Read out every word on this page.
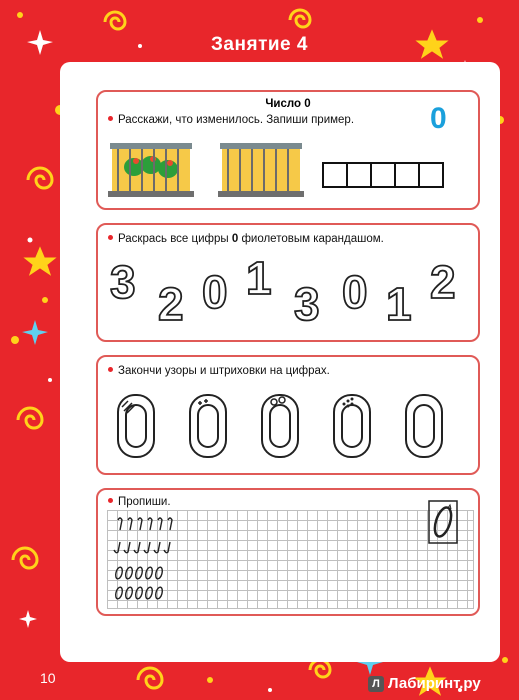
Занятие 4
Число 0
Расскажи, что изменилось. Запиши пример.	0
Раскрась все цифры 0 фиолетовым карандашом.
3 2 0 1 3 0 1 2
Закончи узоры и штриховки на цифрах.
Пропиши.
10	Л Лабиринт.ру
